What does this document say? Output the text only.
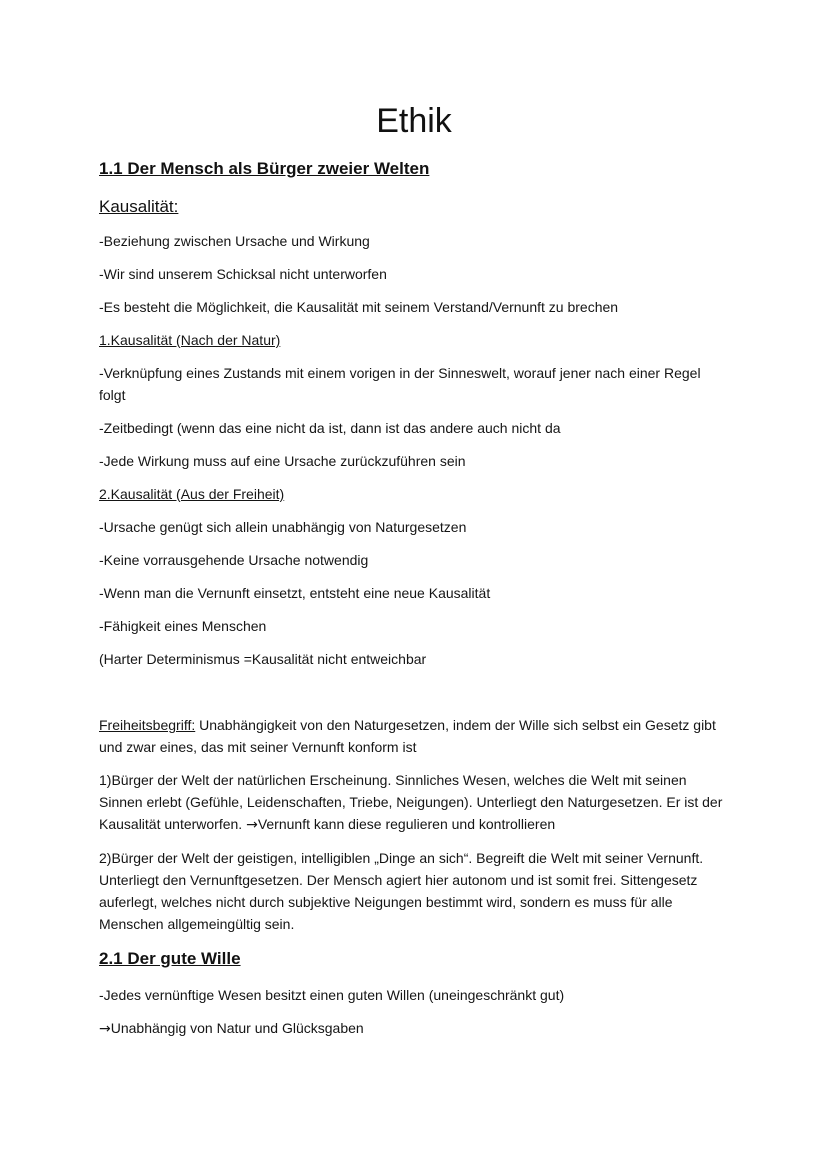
Ethik
1.1 Der Mensch als Bürger zweier Welten
Kausalität:

-Beziehung zwischen Ursache und Wirkung

-Wir sind unserem Schicksal nicht unterworfen

-Es besteht die Möglichkeit, die Kausalität mit seinem Verstand/Vernunft zu brechen

1.Kausalität (Nach der Natur)

-Verknüpfung eines Zustands mit einem vorigen in der Sinneswelt, worauf jener nach einer Regel folgt

-Zeitbedingt (wenn das eine nicht da ist, dann ist das andere auch nicht da

-Jede Wirkung muss auf eine Ursache zurückzuführen sein

2.Kausalität (Aus der Freiheit)

-Ursache genügt sich allein unabhängig von Naturgesetzen

-Keine vorrausgehende Ursache notwendig

-Wenn man die Vernunft einsetzt, entsteht eine neue Kausalität

-Fähigkeit eines Menschen

(Harter Determinismus =Kausalität nicht entweichbar

Freiheitsbegriff: Unabhängigkeit von den Naturgesetzen, indem der Wille sich selbst ein Gesetz gibt und zwar eines, das mit seiner Vernunft konform ist

1)Bürger der Welt der natürlichen Erscheinung. Sinnliches Wesen, welches die Welt mit seinen Sinnen erlebt (Gefühle, Leidenschaften, Triebe, Neigungen). Unterliegt den Naturgesetzen. Er ist der Kausalität unterworfen. →Vernunft kann diese regulieren und kontrollieren

2)Bürger der Welt der geistigen, intelligiblen „Dinge an sich“. Begreift die Welt mit seiner Vernunft. Unterliegt den Vernunftgesetzen. Der Mensch agiert hier autonom und ist somit frei. Sittengesetz auferlegt, welches nicht durch subjektive Neigungen bestimmt wird, sondern es muss für alle Menschen allgemeingültig sein.

2.1 Der gute Wille

-Jedes vernünftige Wesen besitzt einen guten Willen (uneingeschränkt gut)

→Unabhängig von Natur und Glücksgaben
